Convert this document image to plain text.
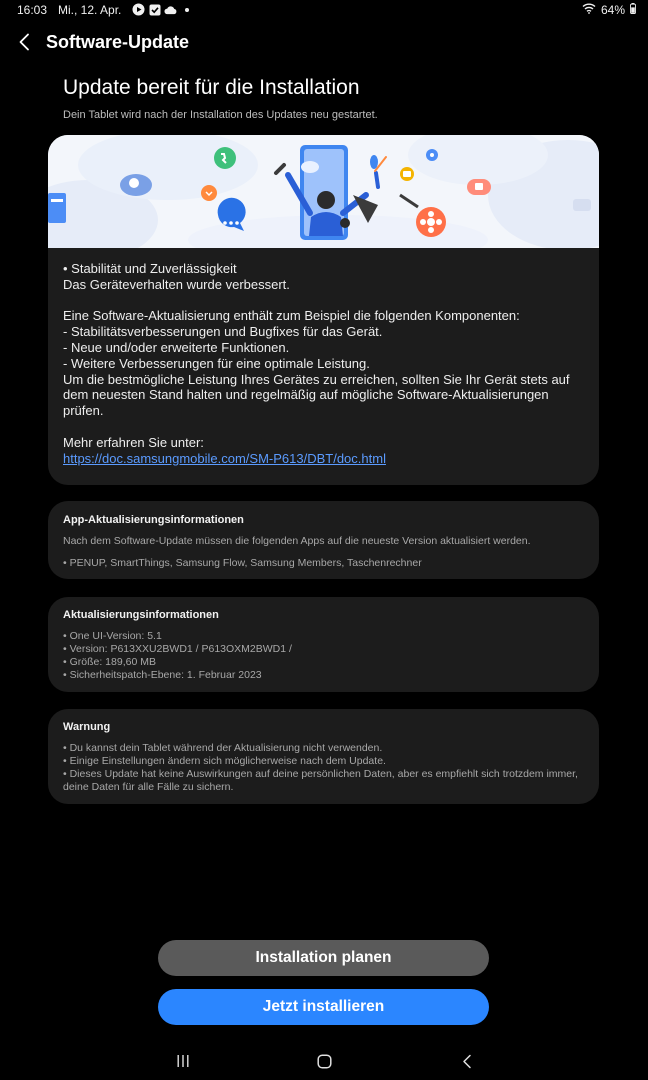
16:03 Mi., 12. Apr.	64%
Software-Update
Update bereit für die Installation
Dein Tablet wird nach der Installation des Updates neu gestartet.

• Stabilität und Zuverlässigkeit

Das Geräteverhalten wurde verbessert.

Eine Software-Aktualisierung enthält zum Beispiel die folgenden Komponenten:

- Stabilitätsverbesserungen und Bugfixes für das Gerät.

- Neue und/oder erweiterte Funktionen.

- Weitere Verbesserungen für eine optimale Leistung.

Um die bestmögliche Leistung Ihres Gerätes zu erreichen, sollten Sie Ihr Gerät stets auf dem neuesten Stand halten und regelmäßig auf mögliche Software-Aktualisierungen prüfen.

Mehr erfahren Sie unter:

https://doc.samsungmobile.com/SM-P613/DBT/doc.html

App-Aktualisierungsinformationen

Nach dem Software-Update müssen die folgenden Apps auf die neueste Version aktualisiert werden.

• PENUP, SmartThings, Samsung Flow, Samsung Members, Taschenrechner

Aktualisierungsinformationen

• One UI-Version: 5.1

• Version: P613XXU2BWD1 / P613OXM2BWD1 /

• Größe: 189,60 MB

• Sicherheitspatch-Ebene: 1. Februar 2023

Warnung

• Du kannst dein Tablet während der Aktualisierung nicht verwenden.

• Einige Einstellungen ändern sich möglicherweise nach dem Update.

• Dieses Update hat keine Auswirkungen auf deine persönlichen Daten, aber es empfiehlt sich trotzdem immer, deine Daten für alle Fälle zu sichern.

Installation planen
Jetzt installieren
